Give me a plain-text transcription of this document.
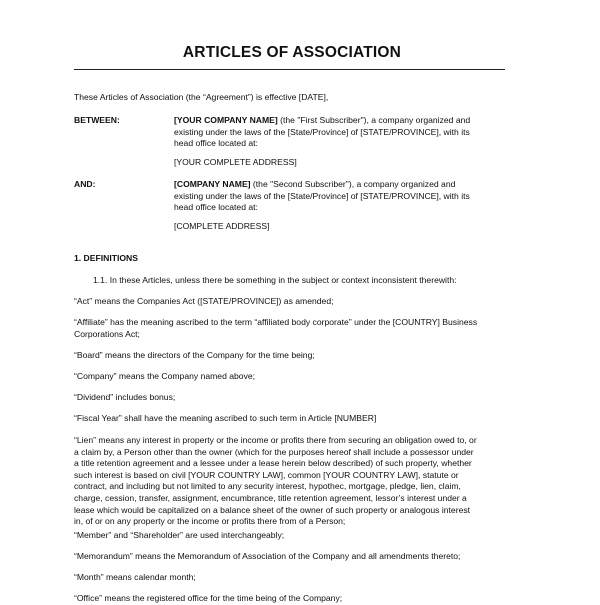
ARTICLES OF ASSOCIATION
These Articles of Association (the “Agreement”) is effective [DATE],
BETWEEN:	[YOUR COMPANY NAME] (the "First Subscriber"), a company organized and
existing under the laws of the [State/Province] of [STATE/PROVINCE], with its
head office located at:
[YOUR COMPLETE ADDRESS]
AND:	[COMPANY NAME] (the "Second Subscriber"), a company organized and
existing under the laws of the [State/Province] of [STATE/PROVINCE], with its
head office located at:
[COMPLETE ADDRESS]
1. DEFINITIONS
1.1. In these Articles, unless there be something in the subject or context inconsistent therewith:
“Act” means the Companies Act ([STATE/PROVINCE]) as amended;
“Affiliate” has the meaning ascribed to the term “affiliated body corporate” under the [COUNTRY] Business
Corporations Act;
“Board” means the directors of the Company for the time being;
“Company” means the Company named above;
“Dividend” includes bonus;
“Fiscal Year” shall have the meaning ascribed to such term in Article [NUMBER]
“Lien” means any interest in property or the income or profits there from securing an obligation owed to, or
a claim by, a Person other than the owner (which for the purposes hereof shall include a possessor under
a title retention agreement and a lessee under a lease herein below described) of such property, whether
such interest is based on civil [YOUR COUNTRY LAW], common [YOUR COUNTRY LAW], statute or
contract, and including but not limited to any security interest, hypothec, mortgage, pledge, lien, claim,
charge, cession, transfer, assignment, encumbrance, title retention agreement, lessor’s interest under a
lease which would be capitalized on a balance sheet of the owner of such property or analogous interest
in, of or on any property or the income or profits there from of a Person;
“Member” and “Shareholder” are used interchangeably;
“Memorandum” means the Memorandum of Association of the Company and all amendments thereto;
“Month” means calendar month;
“Office” means the registered office for the time being of the Company;
